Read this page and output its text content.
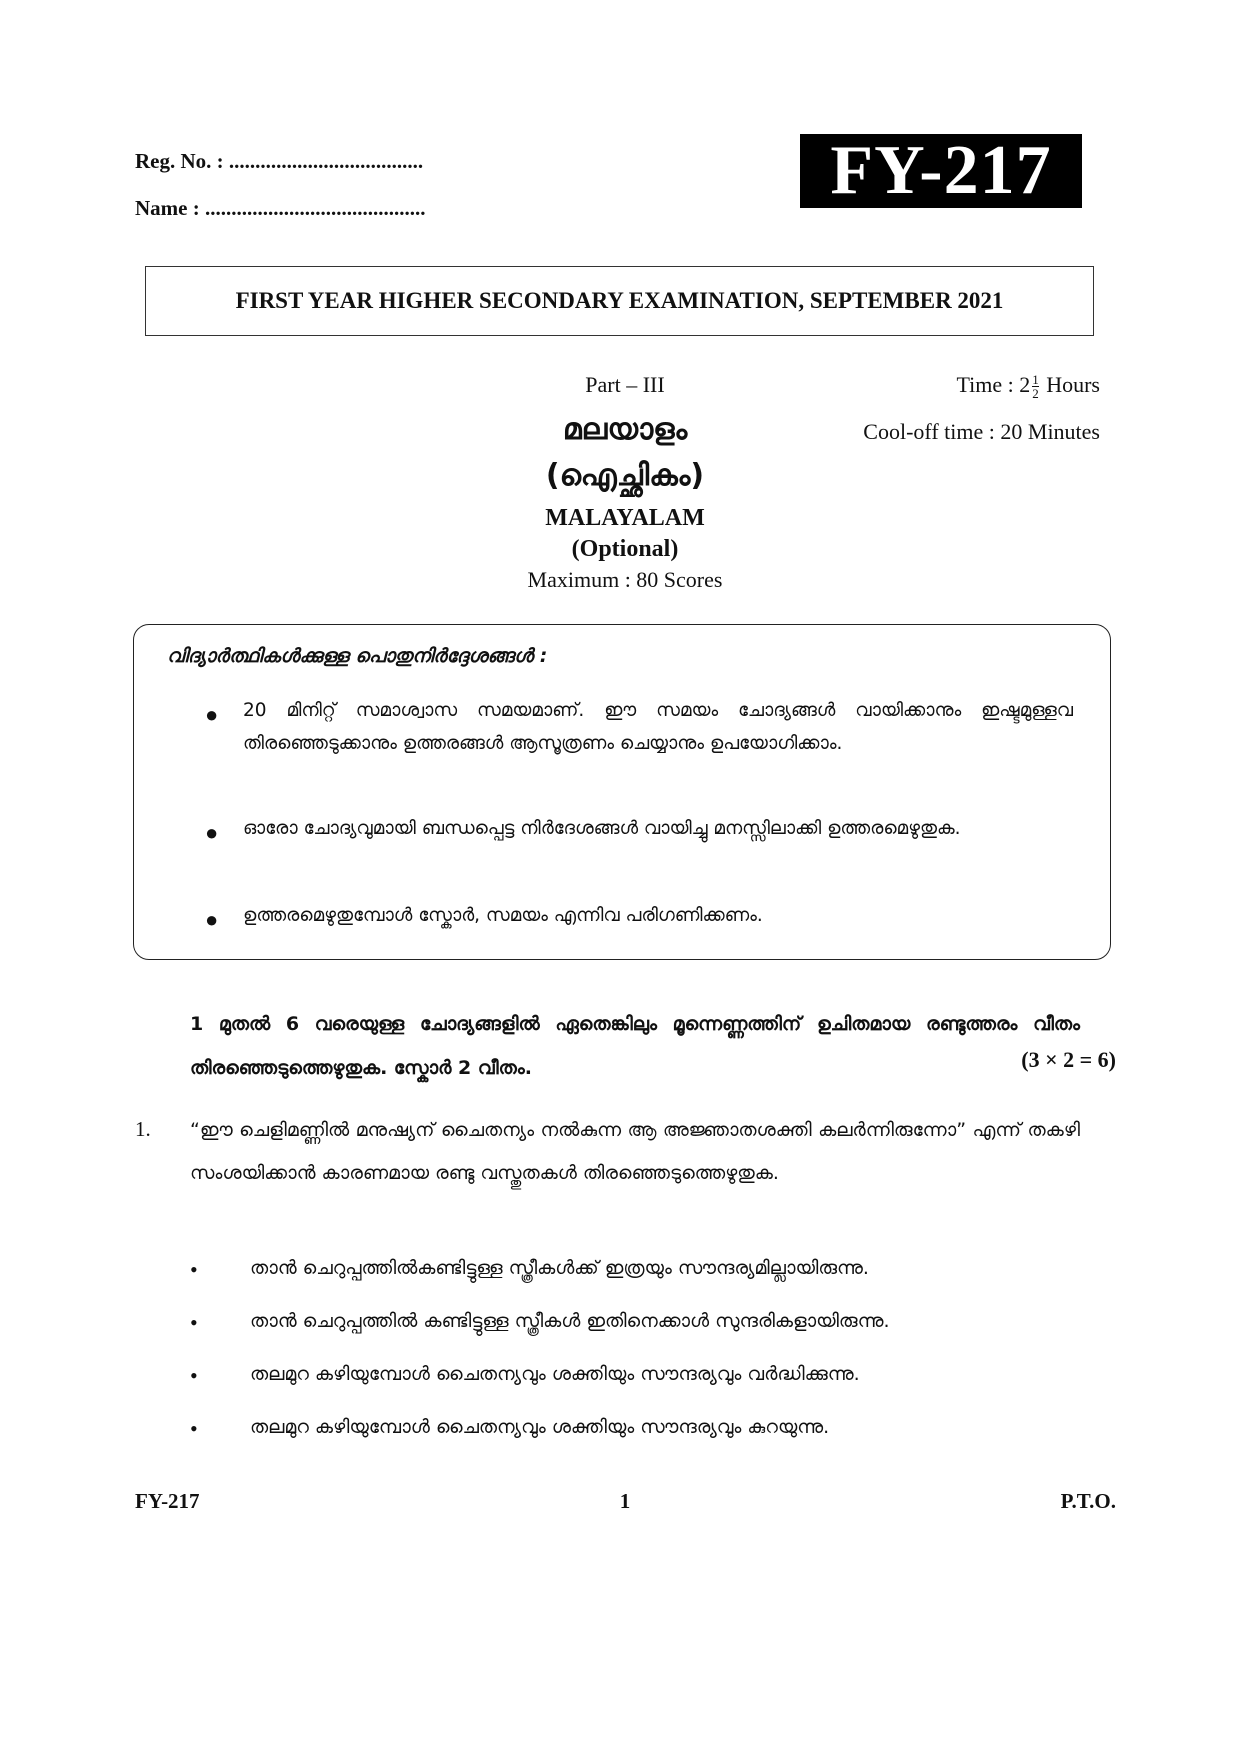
Reg. No. : .....................................
Name : ..........................................	FY-217
FIRST YEAR HIGHER SECONDARY EXAMINATION, SEPTEMBER 2021
Part – III
മലയാളം
(ഐച്ഛികം)
MALAYALAM
(Optional)
Maximum : 80 Scores
Time : $2 \frac{1}{2}$ Hours
Cool-off time : 20 Minutes
വിദ്യാർത്ഥികൾക്കുള്ള പൊതുനിർദ്ദേശങ്ങൾ :
● 20 മിനിറ്റ് സമാശ്വാസ സമയമാണ്. ഈ സമയം ചോദ്യങ്ങൾ വായിക്കാനും ഇഷ്ടമുള്ളവ തിരഞ്ഞെടുക്കാനും ഉത്തരങ്ങൾ ആസൂത്രണം ചെയ്യാനും ഉപയോഗിക്കാം.
● ഓരോ ചോദ്യവുമായി ബന്ധപ്പെട്ട നിർദേശങ്ങൾ വായിച്ചു മനസ്സിലാക്കി ഉത്തരമെഴുതുക.
● ഉത്തരമെഴുതുമ്പോൾ സ്കോർ, സമയം എന്നിവ പരിഗണിക്കണം.
1 മുതൽ 6 വരെയുള്ള ചോദ്യങ്ങളിൽ ഏതെങ്കിലും മൂന്നെണ്ണത്തിന് ഉചിതമായ രണ്ടുത്തരം വീതം തിരഞ്ഞെടുത്തെഴുതുക. സ്കോർ 2 വീതം.	(3 × 2 = 6)
1. “ഈ ചെളിമണ്ണിൽ മനുഷ്യന് ചൈതന്യം നൽകുന്ന ആ അജ്ഞാതശക്തി കലർന്നിരുന്നോ” എന്ന് തകഴി സംശയിക്കാൻ കാരണമായ രണ്ടു വസ്തുതകൾ തിരഞ്ഞെടുത്തെഴുതുക.
•	താൻ ചെറുപ്പത്തിൽകണ്ടിട്ടുള്ള സ്ത്രീകൾക്ക് ഇത്രയും സൗന്ദര്യമില്ലായിരുന്നു.
•	താൻ ചെറുപ്പത്തിൽ കണ്ടിട്ടുള്ള സ്ത്രീകൾ ഇതിനെക്കാൾ സുന്ദരികളായിരുന്നു.
•	തലമുറ കഴിയുമ്പോൾ ചൈതന്യവും ശക്തിയും സൗന്ദര്യവും വർദ്ധിക്കുന്നു.
•	തലമുറ കഴിയുമ്പോൾ ചൈതന്യവും ശക്തിയും സൗന്ദര്യവും കുറയുന്നു.
FY-217	1	P.T.O.
